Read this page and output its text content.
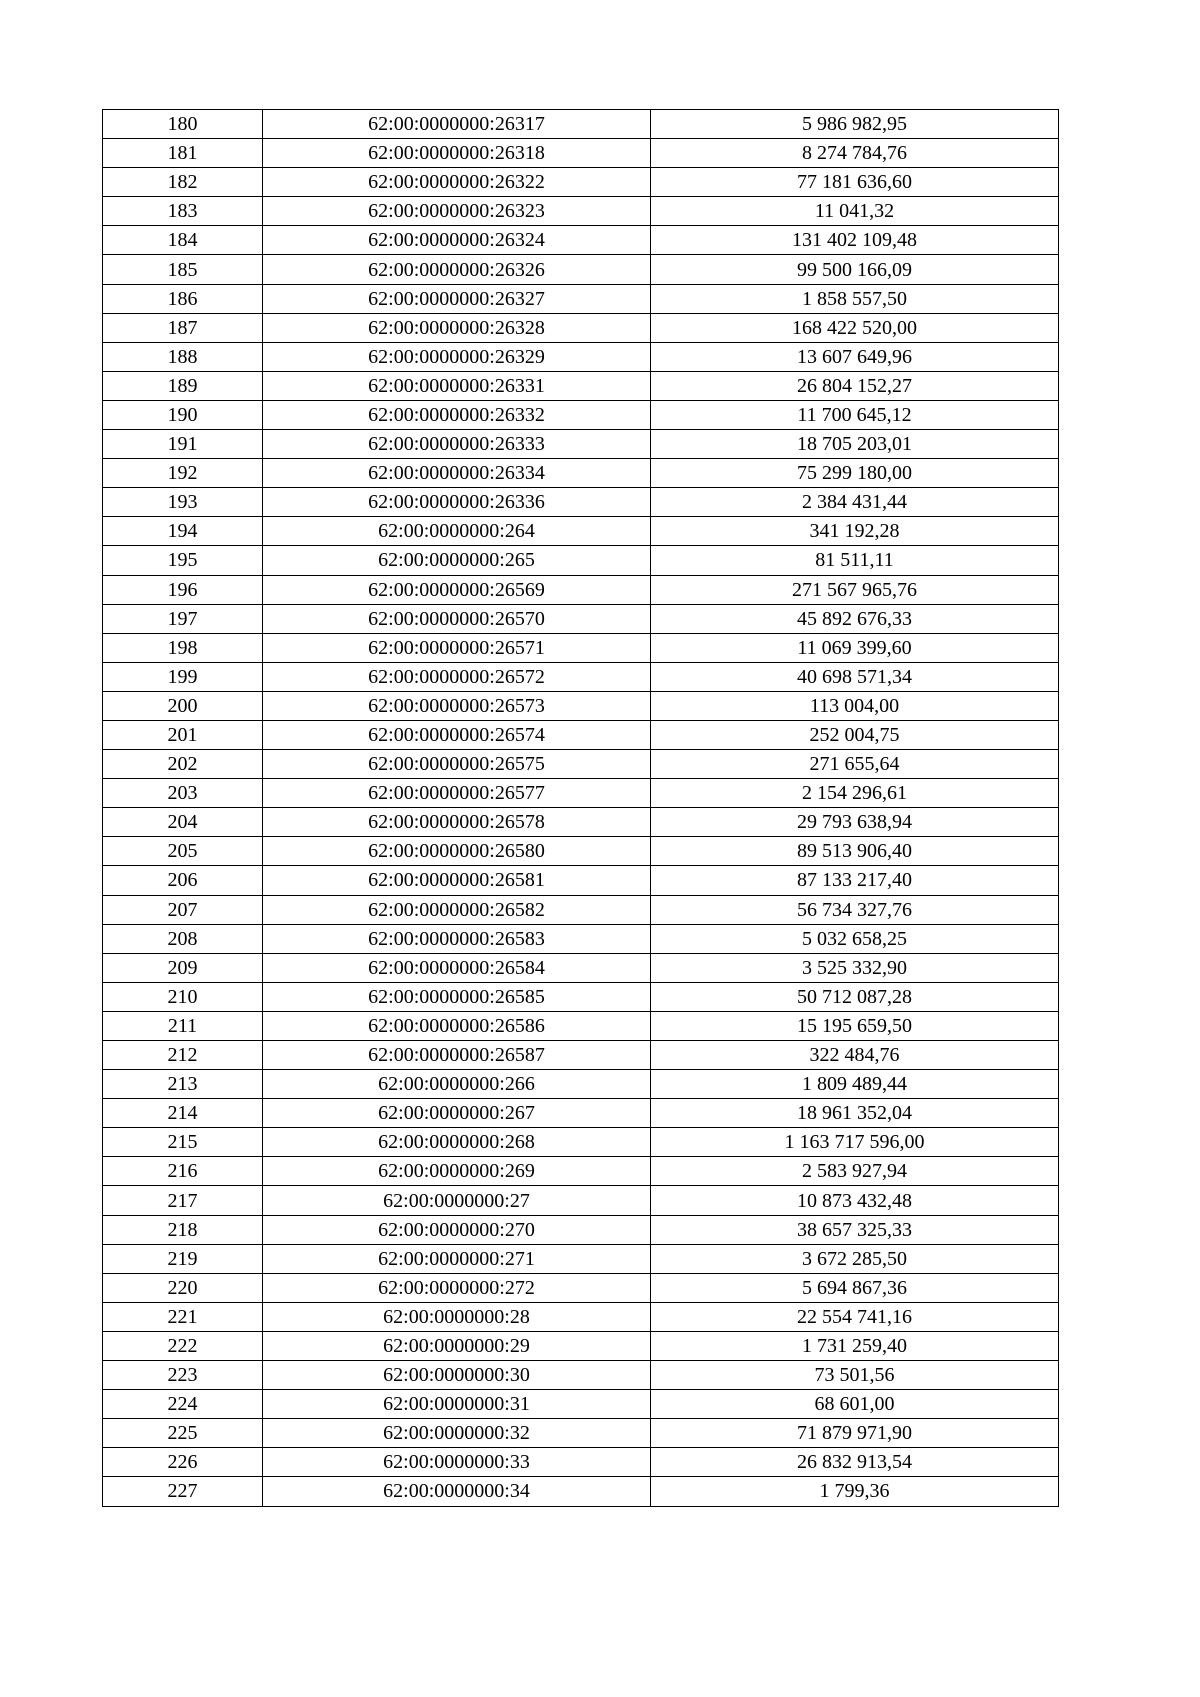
180	62:00:0000000:26317	5 986 982,95
181	62:00:0000000:26318	8 274 784,76
182	62:00:0000000:26322	77 181 636,60
183	62:00:0000000:26323	11 041,32
184	62:00:0000000:26324	131 402 109,48
185	62:00:0000000:26326	99 500 166,09
186	62:00:0000000:26327	1 858 557,50
187	62:00:0000000:26328	168 422 520,00
188	62:00:0000000:26329	13 607 649,96
189	62:00:0000000:26331	26 804 152,27
190	62:00:0000000:26332	11 700 645,12
191	62:00:0000000:26333	18 705 203,01
192	62:00:0000000:26334	75 299 180,00
193	62:00:0000000:26336	2 384 431,44
194	62:00:0000000:264	341 192,28
195	62:00:0000000:265	81 511,11
196	62:00:0000000:26569	271 567 965,76
197	62:00:0000000:26570	45 892 676,33
198	62:00:0000000:26571	11 069 399,60
199	62:00:0000000:26572	40 698 571,34
200	62:00:0000000:26573	113 004,00
201	62:00:0000000:26574	252 004,75
202	62:00:0000000:26575	271 655,64
203	62:00:0000000:26577	2 154 296,61
204	62:00:0000000:26578	29 793 638,94
205	62:00:0000000:26580	89 513 906,40
206	62:00:0000000:26581	87 133 217,40
207	62:00:0000000:26582	56 734 327,76
208	62:00:0000000:26583	5 032 658,25
209	62:00:0000000:26584	3 525 332,90
210	62:00:0000000:26585	50 712 087,28
211	62:00:0000000:26586	15 195 659,50
212	62:00:0000000:26587	322 484,76
213	62:00:0000000:266	1 809 489,44
214	62:00:0000000:267	18 961 352,04
215	62:00:0000000:268	1 163 717 596,00
216	62:00:0000000:269	2 583 927,94
217	62:00:0000000:27	10 873 432,48
218	62:00:0000000:270	38 657 325,33
219	62:00:0000000:271	3 672 285,50
220	62:00:0000000:272	5 694 867,36
221	62:00:0000000:28	22 554 741,16
222	62:00:0000000:29	1 731 259,40
223	62:00:0000000:30	73 501,56
224	62:00:0000000:31	68 601,00
225	62:00:0000000:32	71 879 971,90
226	62:00:0000000:33	26 832 913,54
227	62:00:0000000:34	1 799,36
